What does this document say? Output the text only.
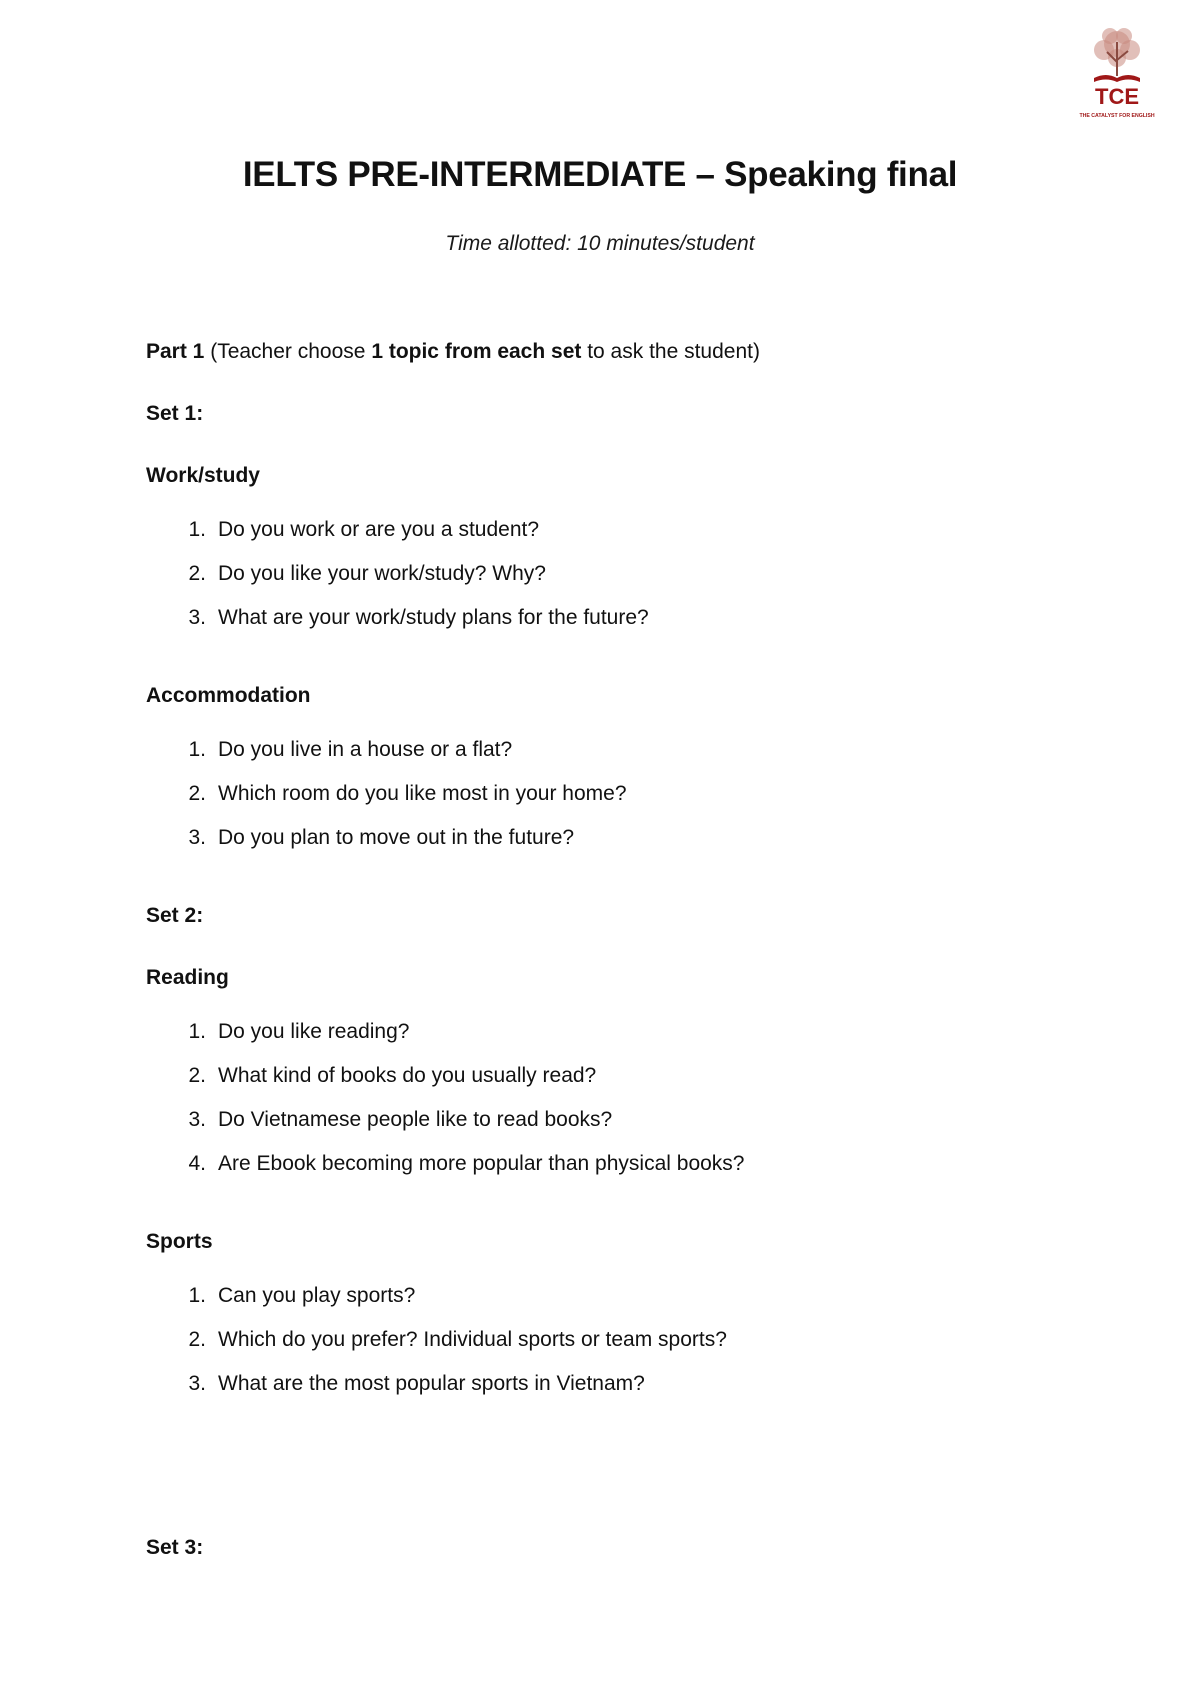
TCE
THE CATALYST FOR ENGLISH
IELTS PRE-INTERMEDIATE – Speaking final
Time allotted: 10 minutes/student
Part 1 (Teacher choose 1 topic from each set to ask the student)
Set 1:
Work/study
1. Do you work or are you a student?
2. Do you like your work/study? Why?
3. What are your work/study plans for the future?
Accommodation
1. Do you live in a house or a flat?
2. Which room do you like most in your home?
3. Do you plan to move out in the future?
Set 2:
Reading
1. Do you like reading?
2. What kind of books do you usually read?
3. Do Vietnamese people like to read books?
4. Are Ebook becoming more popular than physical books?
Sports
1. Can you play sports?
2. Which do you prefer? Individual sports or team sports?
3. What are the most popular sports in Vietnam?
Set 3:
